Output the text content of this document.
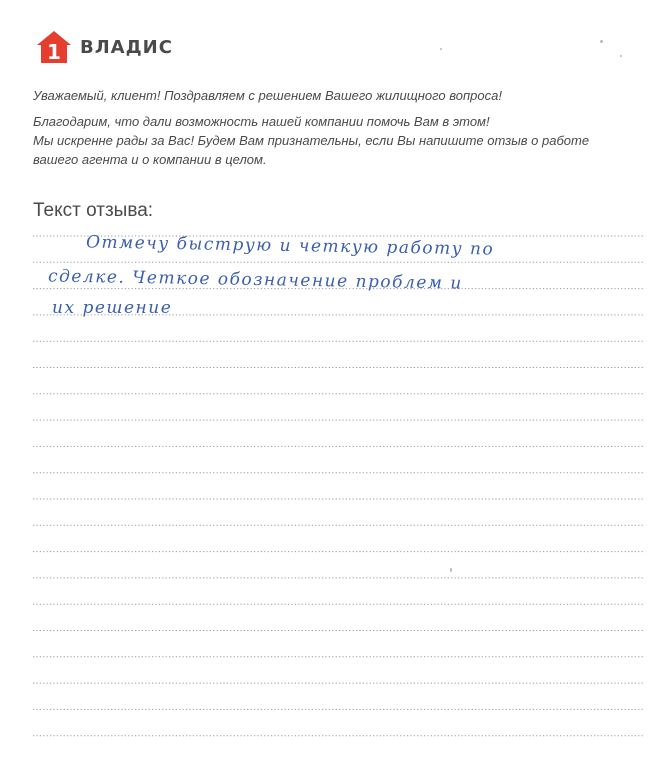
1 ВЛАДИС

Уважаемый, клиент! Поздравляем с решением Вашего жилищного вопроса!

Благодарим, что дали возможность нашей компании помочь Вам в этом!

Мы искренне рады за Вас! Будем Вам признательны, если Вы напишите отзыв о работе

вашего агента и о компании в целом.

Текст отзыва:
Отмечу быструю и четкую работу по
сделке. Четкое обозначение проблем и
их решение
